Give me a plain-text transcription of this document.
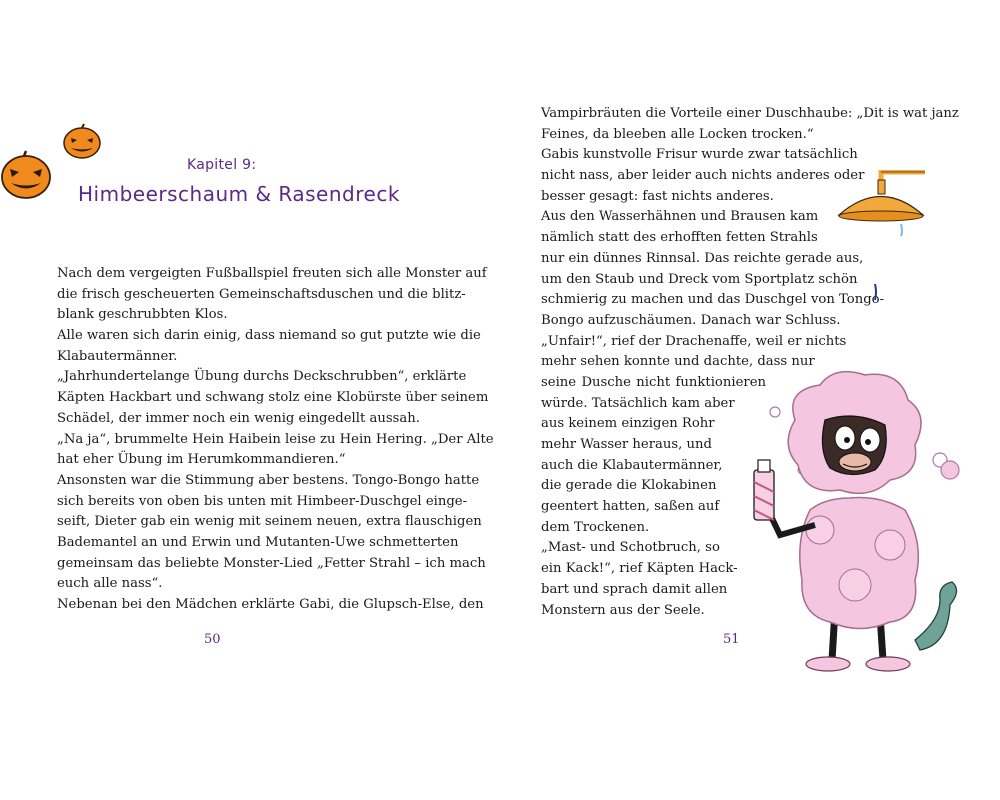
Kapitel 9:
Himbeerschaum & Rasendreck
Nach dem vergeigten Fußballspiel freuten sich alle Monster auf
die frisch gescheuerten Gemeinschaftsduschen und die blitz-
blank geschrubbten Klos.
Alle waren sich darin einig, dass niemand so gut putzte wie die
Klabautermänner.
„Jahrhundertelange Übung durchs Deckschrubben“, erklärte
Käpten Hackbart und schwang stolz eine Klobürste über seinem
Schädel, der immer noch ein wenig eingedellt aussah.
„Na ja“, brummelte Hein Haibein leise zu Hein Hering. „Der Alte
hat eher Übung im Herumkommandieren.“
Ansonsten war die Stimmung aber bestens. Tongo-Bongo hatte
sich bereits von oben bis unten mit Himbeer-Duschgel einge-
seift, Dieter gab ein wenig mit seinem neuen, extra flauschigen
Bademantel an und Erwin und Mutanten-Uwe schmetterten
gemeinsam das beliebte Monster-Lied „Fetter Strahl – ich mach
euch alle nass“.
Nebenan bei den Mädchen erklärte Gabi, die Glupsch-Else, den
50
Vampirbräuten die Vorteile einer Duschhaube: „Dit is wat janz
Feines, da bleeben alle Locken trocken.“
Gabis kunstvolle Frisur wurde zwar tatsächlich
nicht nass, aber leider auch nichts anderes oder
besser gesagt: fast nichts anderes.
Aus den Wasserhähnen und Brausen kam
nämlich statt des erhofften fetten Strahls
nur ein dünnes Rinnsal. Das reichte gerade aus,
um den Staub und Dreck vom Sportplatz schön
schmierig zu machen und das Duschgel von Tongo-
Bongo aufzuschäumen. Danach war Schluss.
„Unfair!“, rief der Drachenaffe, weil er nichts
mehr sehen konnte und dachte, dass nur
seine Dusche nicht funktionieren
würde. Tatsächlich kam aber
aus keinem einzigen Rohr
mehr Wasser heraus, und
auch die Klabautermänner,
die gerade die Klokabinen
geentert hatten, saßen auf
dem Trockenen.
„Mast- und Schotbruch, so
ein Kack!“, rief Käpten Hack-
bart und sprach damit allen
Monstern aus der Seele.
51
